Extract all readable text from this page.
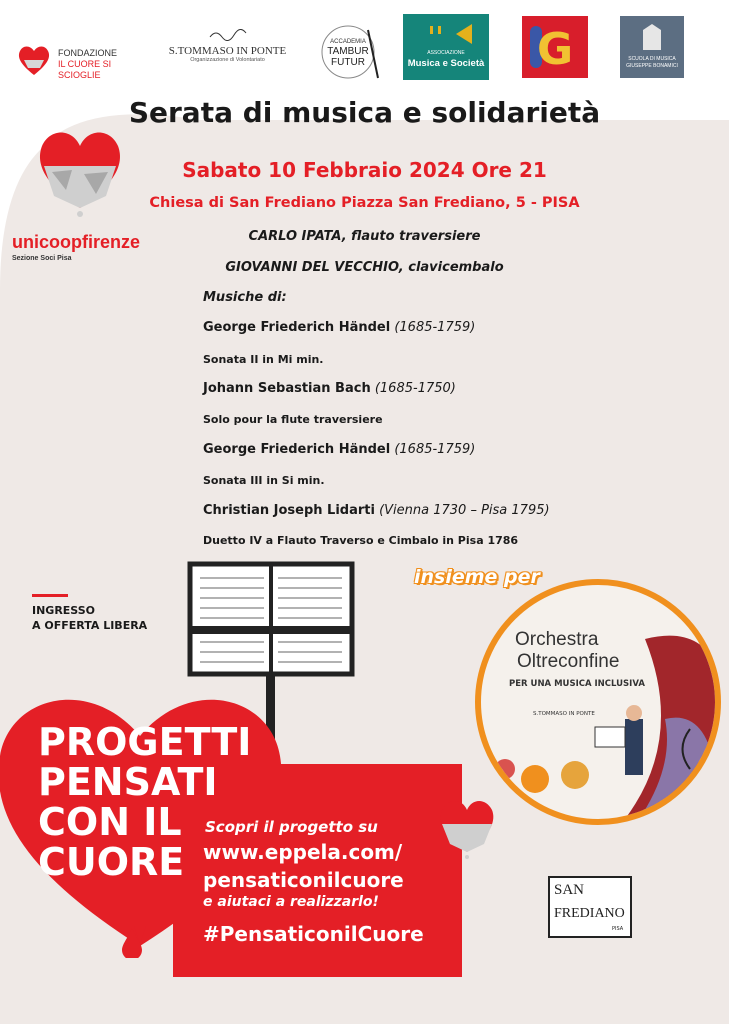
FONDAZIONE
IL CUORE SI SCIOGLIE
S.TOMMASO IN PONTE
Organizzazione di Volontariato
ACCADEMIA
TAMBUR
FUTUR
ASSOCIAZIONE
Musica e Società G	SCUOLA DI MUSICA
GIUSEPPE BONAMICI
unicoopfirenze
Sezione Soci Pisa
Serata di musica e solidarietà
Sabato 10 Febbraio 2024 Ore 21
Chiesa di San Frediano Piazza San Frediano, 5 - PISA
CARLO IPATA, flauto traversiere
GIOVANNI DEL VECCHIO, clavicembalo
Musiche di:
George Friederich Händel (1685-1759)
Sonata II in Mi min.
Johann Sebastian Bach (1685-1750)
Solo pour la flute traversiere
George Friederich Händel (1685-1759)
Sonata III in Si min.
Christian Joseph Lidarti (Vienna 1730 – Pisa 1795)
Duetto IV a Flauto Traverso e Cimbalo in Pisa 1786
INGRESSO
A OFFERTA LIBERA
insieme per
Orchestra
Oltreconfine
PER UNA MUSICA INCLUSIVA
S.TOMMASO IN PONTE
PROGETTI
PENSATI
CON IL
CUORE
Scopri il progetto su
www.eppela.com/
pensaticonilcuore
e aiutaci a realizzarlo!
#PensaticonilCuore
SAN
FREDIANO
PISA
